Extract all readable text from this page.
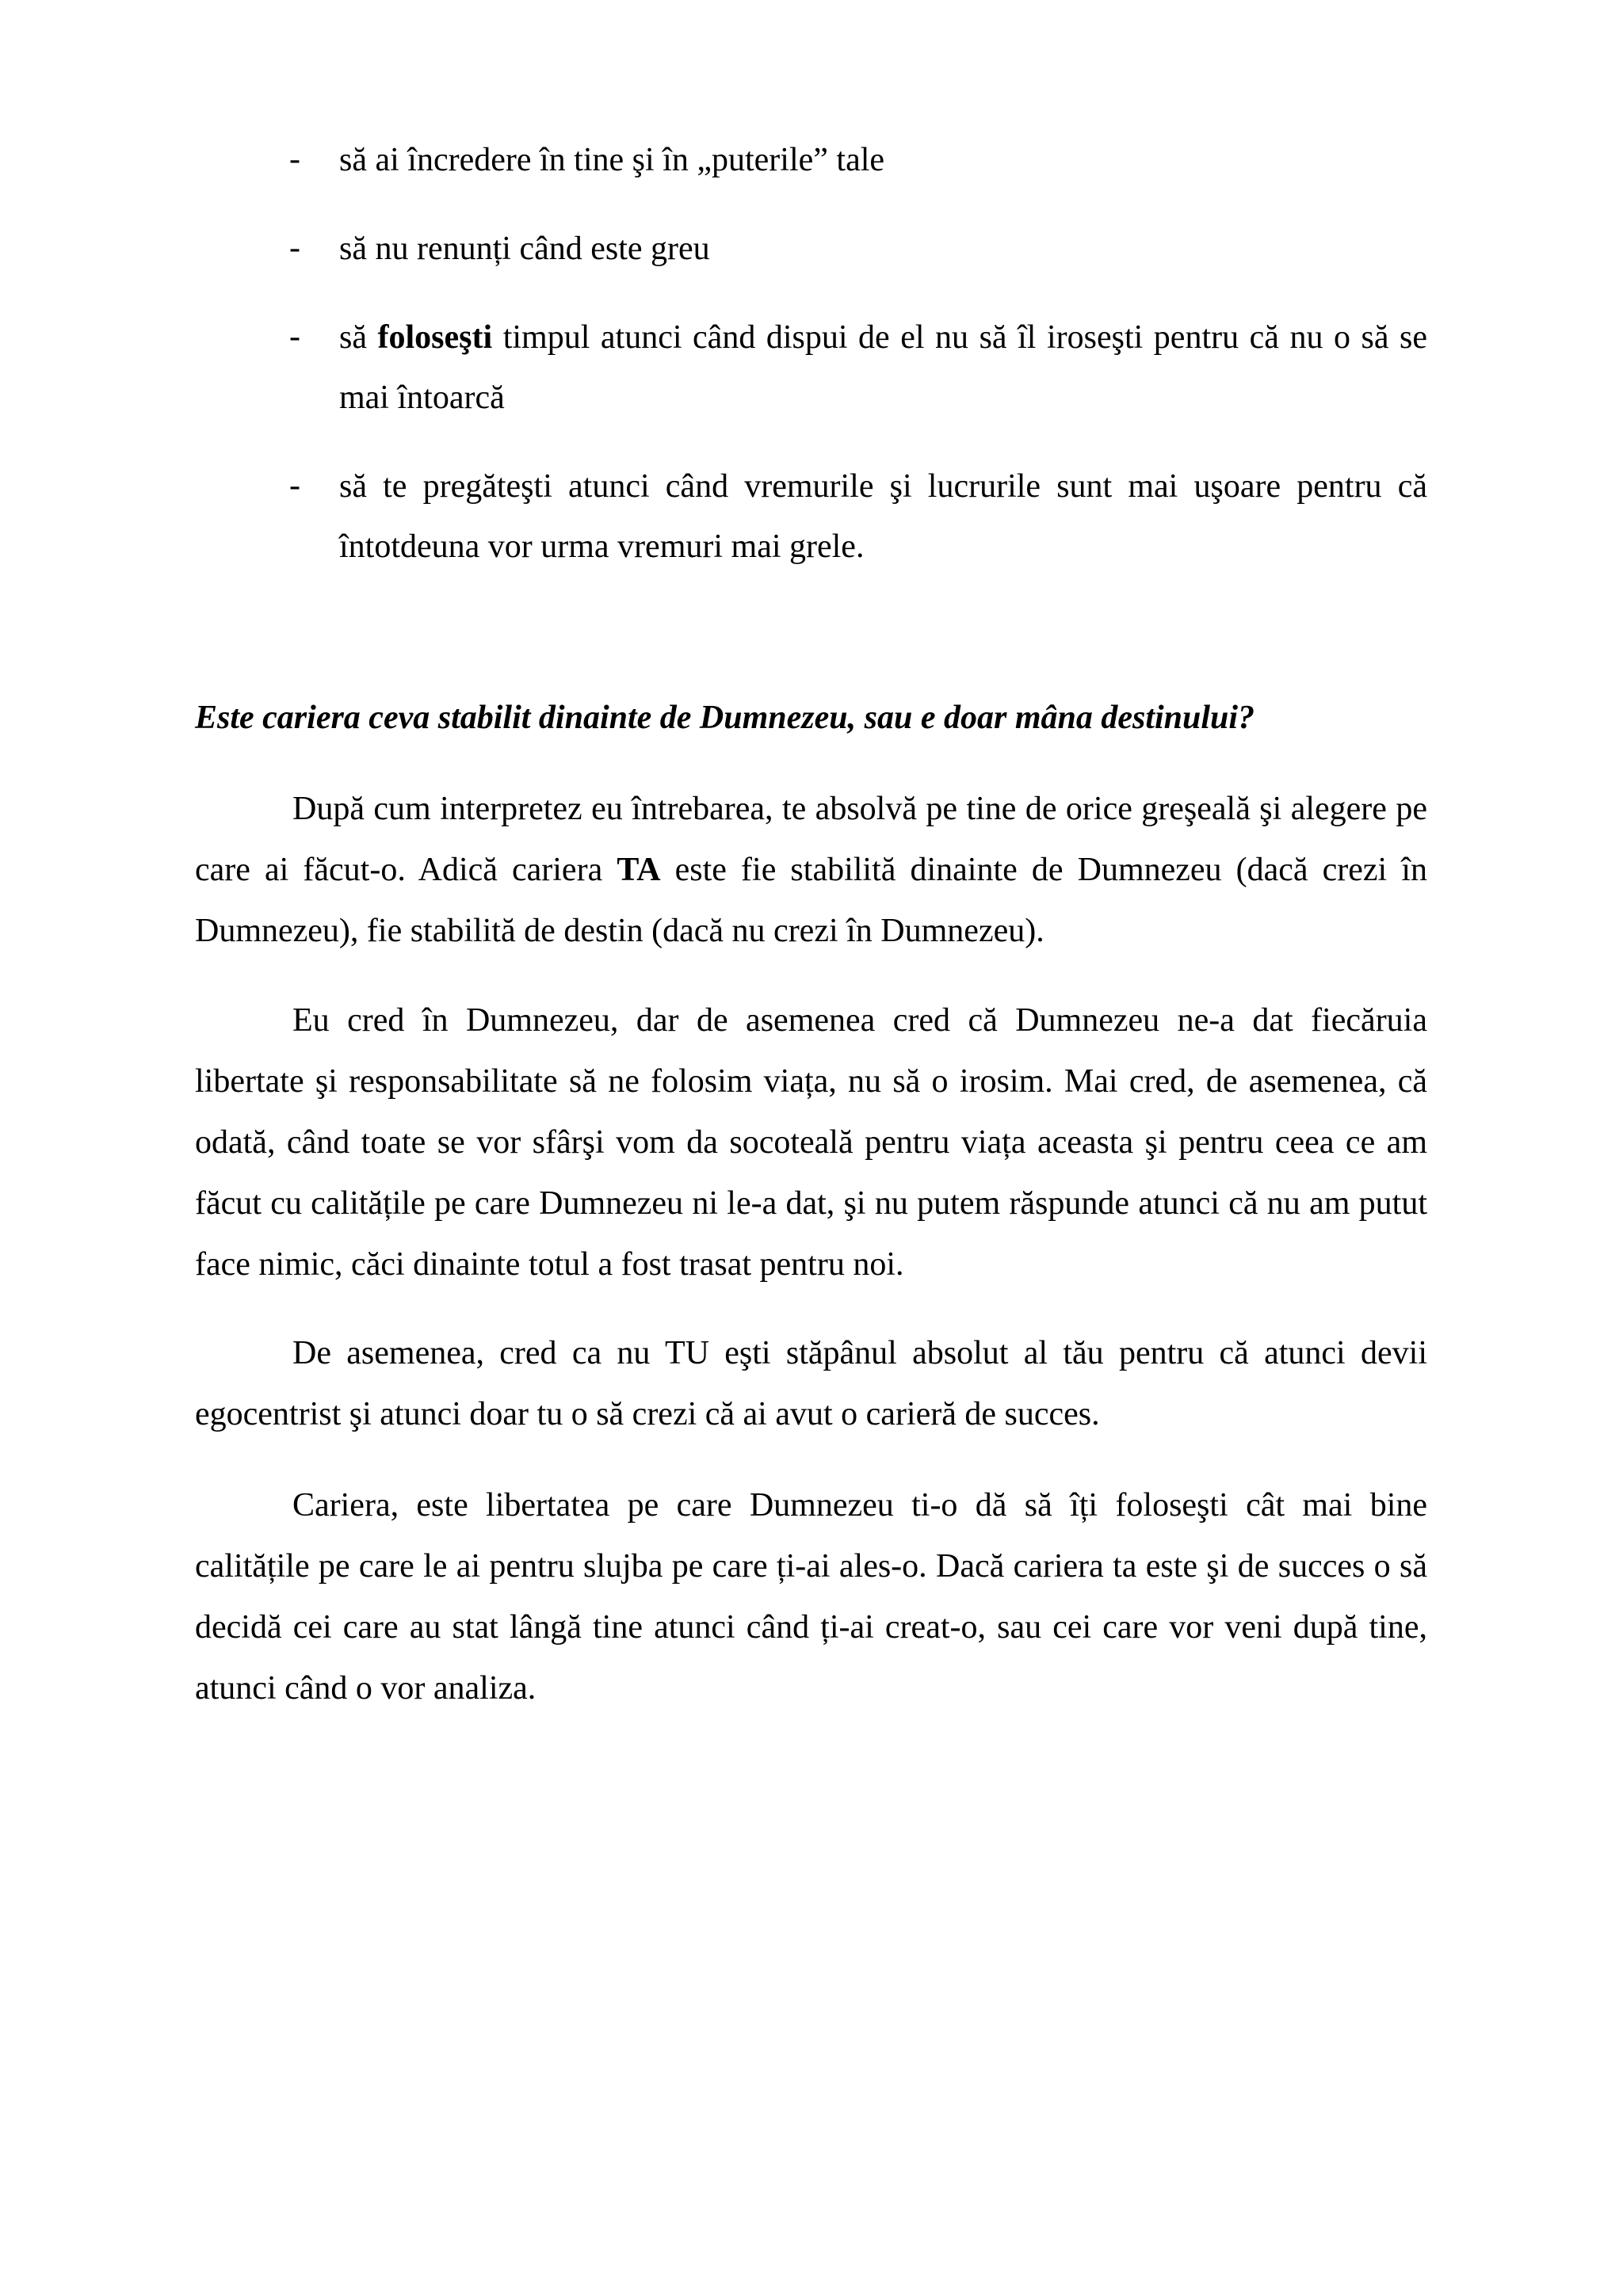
- să ai încredere în tine şi în „puterile” tale
- să nu renunți când este greu
- să foloseşti timpul atunci când dispui de el nu să îl iroseşti pentru că nu o să se mai întoarcă
- să te pregăteşti atunci când vremurile şi lucrurile sunt mai uşoare pentru că întotdeuna vor urma vremuri mai grele.
Este cariera ceva stabilit dinainte de Dumnezeu, sau e doar mâna destinului?

După cum interpretez eu întrebarea, te absolvă pe tine de orice greşeală şi alegere pe care ai făcut-o. Adică cariera TA este fie stabilită dinainte de Dumnezeu (dacă crezi în Dumnezeu), fie stabilită de destin (dacă nu crezi în Dumnezeu).

Eu cred în Dumnezeu, dar de asemenea cred că Dumnezeu ne-a dat fiecăruia libertate şi responsabilitate să ne folosim viața, nu să o irosim. Mai cred, de asemenea, că odată, când toate se vor sfârşi vom da socoteală pentru viața aceasta şi pentru ceea ce am făcut cu calitățile pe care Dumnezeu ni le-a dat, şi nu putem răspunde atunci că nu am putut face nimic, căci dinainte totul a fost trasat pentru noi.

De asemenea, cred ca nu TU eşti stăpânul absolut al tău pentru că atunci devii egocentrist şi atunci doar tu o să crezi că ai avut o carieră de succes.

Cariera, este libertatea pe care Dumnezeu ti-o dă să îți foloseşti cât mai bine calitățile pe care le ai pentru slujba pe care ți-ai ales-o. Dacă cariera ta este şi de succes o să decidă cei care au stat lângă tine atunci când ți-ai creat-o, sau cei care vor veni după tine, atunci când o vor analiza.
